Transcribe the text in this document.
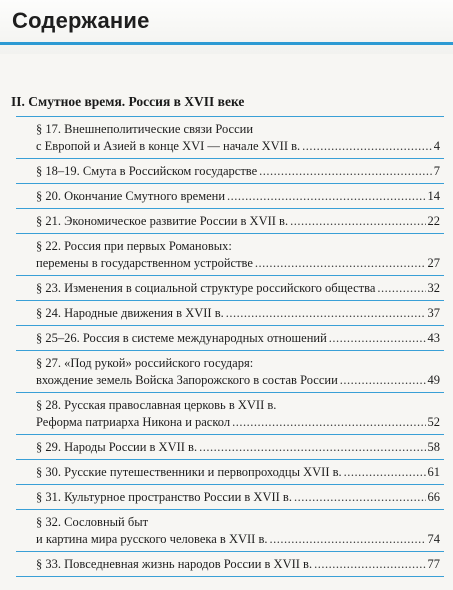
Содержание
II. Смутное время. Россия в XVII веке
§ 17. Внешнеполитические связи России
с Европой и Азией в конце XVI — начале XVII в. .....	4
§ 18–19. Смута в Российском государстве .....	7
§ 20. Окончание Смутного времени .....	14
§ 21. Экономическое развитие России в XVII в. .....	22
§ 22. Россия при первых Романовых:
перемены в государственном устройстве .....	27
§ 23. Изменения в социальной структуре российского общества .....	32
§ 24. Народные движения в XVII в. .....	37
§ 25–26. Россия в системе международных отношений .....	43
§ 27. «Под рукой» российского государя:
вхождение земель Войска Запорожского в состав России .....	49
§ 28. Русская православная церковь в XVII в.
Реформа патриарха Никона и раскол .....	52
§ 29. Народы России в XVII в. .....	58
§ 30. Русские путешественники и первопроходцы XVII в. .....	61
§ 31. Культурное пространство России в XVII в. .....	66
§ 32. Сословный быт
и картина мира русского человека в XVII в. .....	74
§ 33. Повседневная жизнь народов России в XVII в. .....	77
